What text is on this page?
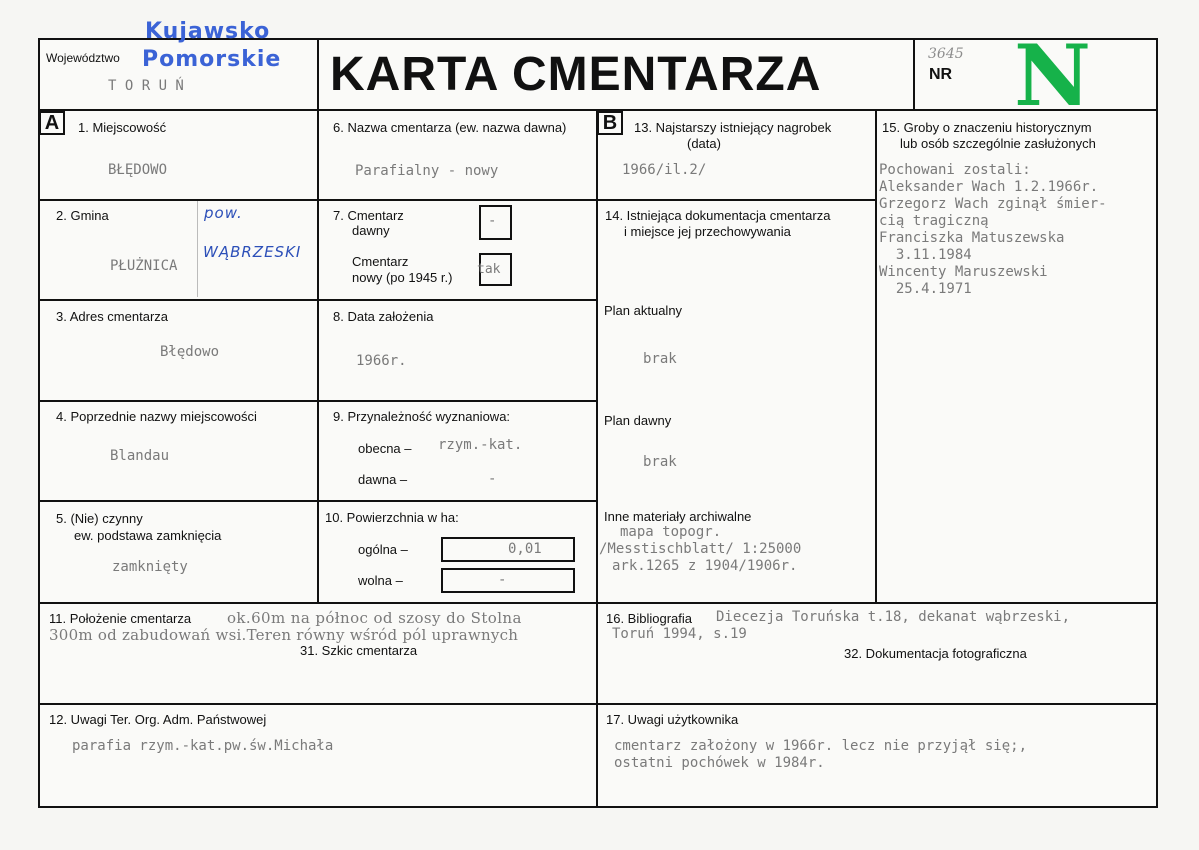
Województwo
Kujawsko
Pomorskie
T O R U Ń	KARTA CMENTARZA	3645
NR N
A	B
1. Miejscowość
BŁĘDOWO
2. Gmina
PŁUŻNICA
pow.
WĄBRZESKI
3. Adres cmentarza
Błędowo
4. Poprzednie nazwy miejscowości
Blandau
5. (Nie) czynny
ew. podstawa zamknięcia
zamknięty
6. Nazwa cmentarza (ew. nazwa dawna)
Parafialny - nowy
7. Cmentarz
dawny
-
Cmentarz
nowy (po 1945 r.)
tak
8. Data założenia
1966r.
9. Przynależność wyznaniowa:
obecna – rzym.-kat.
dawna –	-
10. Powierzchnia w ha:
ogólna –	0,01
wolna –	-
11. Położenie cmentarza ok.60m na północ od szosy do Stolna
300m od zabudowań wsi.Teren równy wśród pól uprawnych
31. Szkic cmentarza
12. Uwagi Ter. Org. Adm. Państwowej
parafia rzym.-kat.pw.św.Michała
13. Najstarszy istniejący nagrobek
(data)
1966/il.2/
14. Istniejąca dokumentacja cmentarza
i miejsce jej przechowywania
Plan aktualny
brak
Plan dawny
brak
Inne materiały archiwalne
mapa topogr.
/Messtischblatt/ 1:25000
ark.1265 z 1904/1906r.
15. Groby o znaczeniu historycznym
lub osób szczególnie zasłużonych
Pochowani zostali:
Aleksander Wach 1.2.1966r.
Grzegorz Wach zginął śmier-
cią tragiczną
Franciszka Matuszewska
3.11.1984
Wincenty Maruszewski
25.4.1971
16. Bibliografia Diecezja Toruńska t.18, dekanat wąbrzeski,
Toruń 1994, s.19
32. Dokumentacja fotograficzna
17. Uwagi użytkownika
cmentarz założony w 1966r. lecz nie przyjął się;,
ostatni pochówek w 1984r.
